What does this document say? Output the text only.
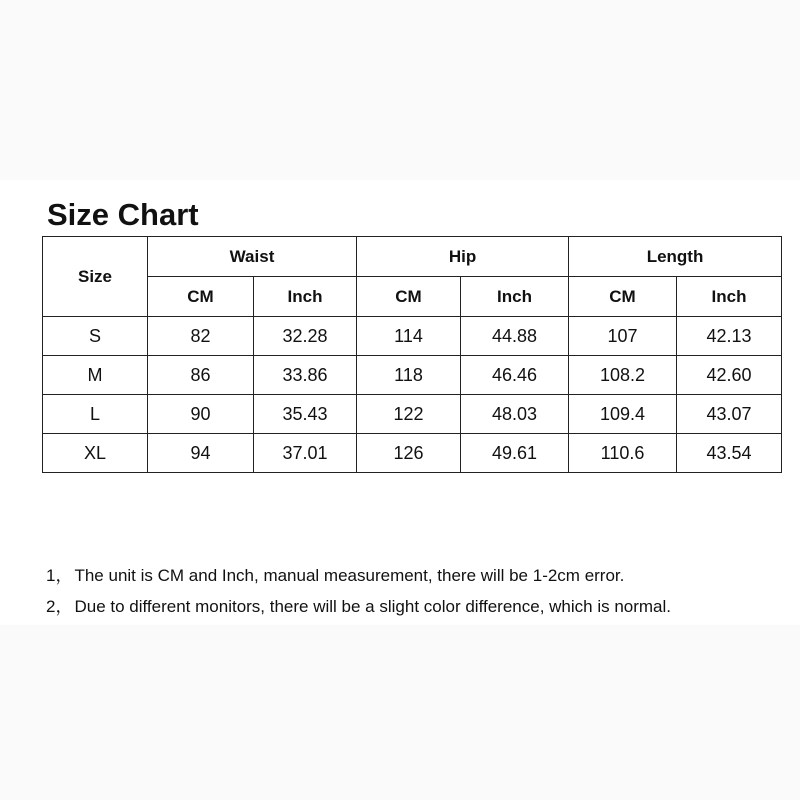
Size Chart
Size	Waist		Hip		Length	
	CM	Inch	CM	Inch	CM	Inch
S	82	32.28	114	44.88	107	42.13
M	86	33.86	118	46.46	108.2	42.60
L	90	35.43	122	48.03	109.4	43.07
XL	94	37.01	126	49.61	110.6	43.54
1， The unit is CM and Inch, manual measurement, there will be 1-2cm error.
2， Due to different monitors, there will be a slight color difference, which is normal.
